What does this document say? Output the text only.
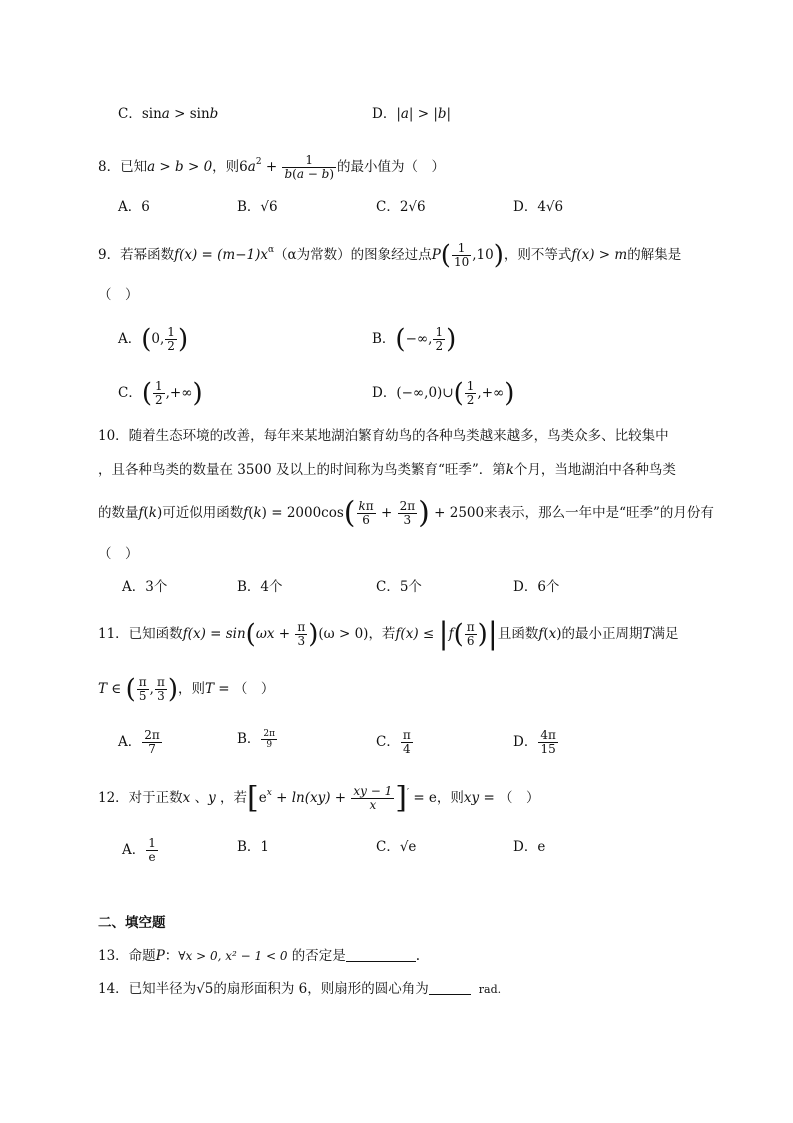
C．sin𝑎 > sin𝑏	D．|𝑎| > |𝑏|
8．已知𝑎 > 𝑏 > 0，则6𝑎$^2$ + $\frac{1}{\text{𝑏(𝑎 − 𝑏)}}$ 的最小值为（　）
A．6	B．√6	C．2√6	D．4√6
9．若幂函数𝑓(𝑥) = (𝑚−1)𝑥$^\alpha$（α为常数）的图象经过点$P( \frac{1}{10} ,10)$，则不等式𝑓(𝑥) > 𝑚的解集是
（　）
A．(0, $\frac{1}{2}$ )	B．(−∞, $\frac{1}{2}$ )
C．( $\frac{1}{2}$ ,+∞)	D．(−∞,0)∪( $\frac{1}{2}$ ,+∞)
10．随着生态环境的改善，每年来某地湖泊繁育幼鸟的各种鸟类越来越多，鸟类众多、比较集中
，且各种鸟类的数量在 3500 及以上的时间称为鸟类繁育“旺季”．第𝑘个月，当地湖泊中各种鸟类
的数量𝑓(𝑘)可近似用函数𝑓(𝑘) = $2000\cos( \frac{\text{𝑘π}}{6} + \frac{2\pi}{3}$ ) + 2500来表示，那么一年中是“旺季”的月份有
（　）
A．3个	B．4个	C．5个	D．6个
11．已知函数𝑓(𝑥) = sin(ω𝑥 + $\frac{\pi}{3} )(\omega > 0)$，若𝑓(𝑥) ≤ |𝑓( $\frac{\pi}{6}$ )|且函数𝑓(𝑥)的最小正周期𝑇满足
𝑇 ∈ ( $\frac{\pi}{5}$ , $\frac{\pi}{3}$ )，则𝑇 = （　）
A． $\frac{2\pi}{7}$	B． $\frac{2\pi}{9}$	C． $\frac{\pi}{4}$	D． $\frac{4\pi}{15}$
12．对于正数𝑥 、𝑦 ，若[$e^𝑥$ + ln(𝑥𝑦) + $\frac{\text{𝑥𝑦 − 1}}{\text{𝑥}} ]' = e$，则𝑥𝑦 = （　）
A． $\frac{1}{e}$	B．1	C．√e	D．e
二、填空题
13．命题𝑃：∀𝑥 > 0, 𝑥² − 1 < 0 的否定是	.
14．已知半径为√5的扇形面积为 6，则扇形的圆心角为	rad.
